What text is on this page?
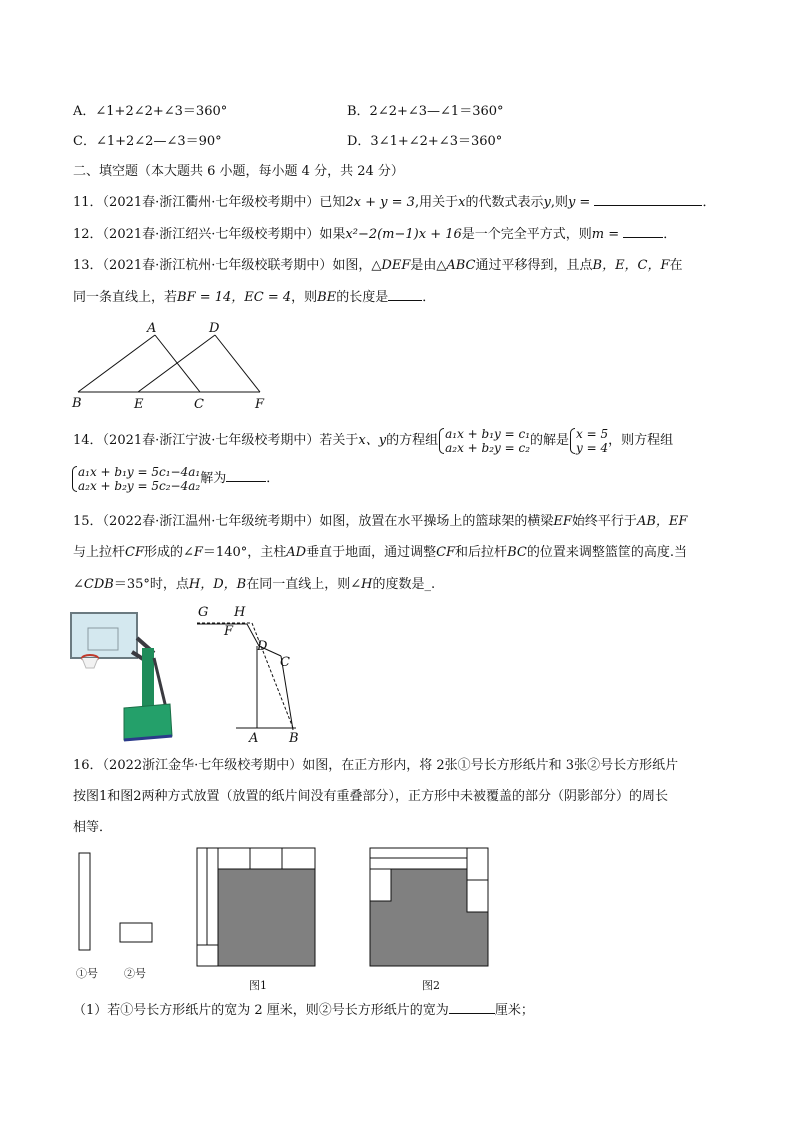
A．∠1+2∠2+∠3＝360°	B．2∠2+∠3—∠1＝360°
C．∠1+2∠2—∠3＝90°	D．3∠1+∠2+∠3＝360°
二、填空题（本大题共 6 小题，每小题 4 分，共 24 分）
11．（2021春·浙江衢州·七年级校考期中）已知2x + y = 3,用关于x的代数式表示y,则y =	．
12．（2021春·浙江绍兴·七年级校考期中）如果x²−2(m−1)x + 16是一个完全平方式，则m =	．
13．（2021春·浙江杭州·七年级校联考期中）如图，△DEF是由△ABC通过平移得到，且点B，E，C，F在
同一条直线上，若BF = 14，EC = 4，则BE的长度是	．
A	D
B	E	C	F
14．（2021春·浙江宁波·七年级校考期中）若关于x、y的方程组 a₁x + b₁y = c₁
a₂x + b₂y = c₂ 的解是 x = 5
y = 4 ，则方程组
a₁x + b₁y = 5c₁−4a₁
a₂x + b₂y = 5c₂−4a₂ 解为	．
15．（2022春·浙江温州·七年级统考期中）如图，放置在水平操场上的篮球架的横梁EF始终平行于AB，EF
与上拉杆CF形成的∠F＝140°，主柱AD垂直于地面，通过调整CF和后拉杆BC的位置来调整篮筐的高度.当
∠CDB＝35°时，点H，D，B在同一直线上，则∠H的度数是_.
G H
F
D
C
A B
16．（2022浙江金华·七年级校考期中）如图，在正方形内，将 2张①号长方形纸片和 3张②号长方形纸片
按图1和图2两种方式放置（放置的纸片间没有重叠部分），正方形中未被覆盖的部分（阴影部分）的周长
相等．
①号 ②号
图1	图2
（1）若①号长方形纸片的宽为 2 厘米，则②号长方形纸片的宽为	厘米；
